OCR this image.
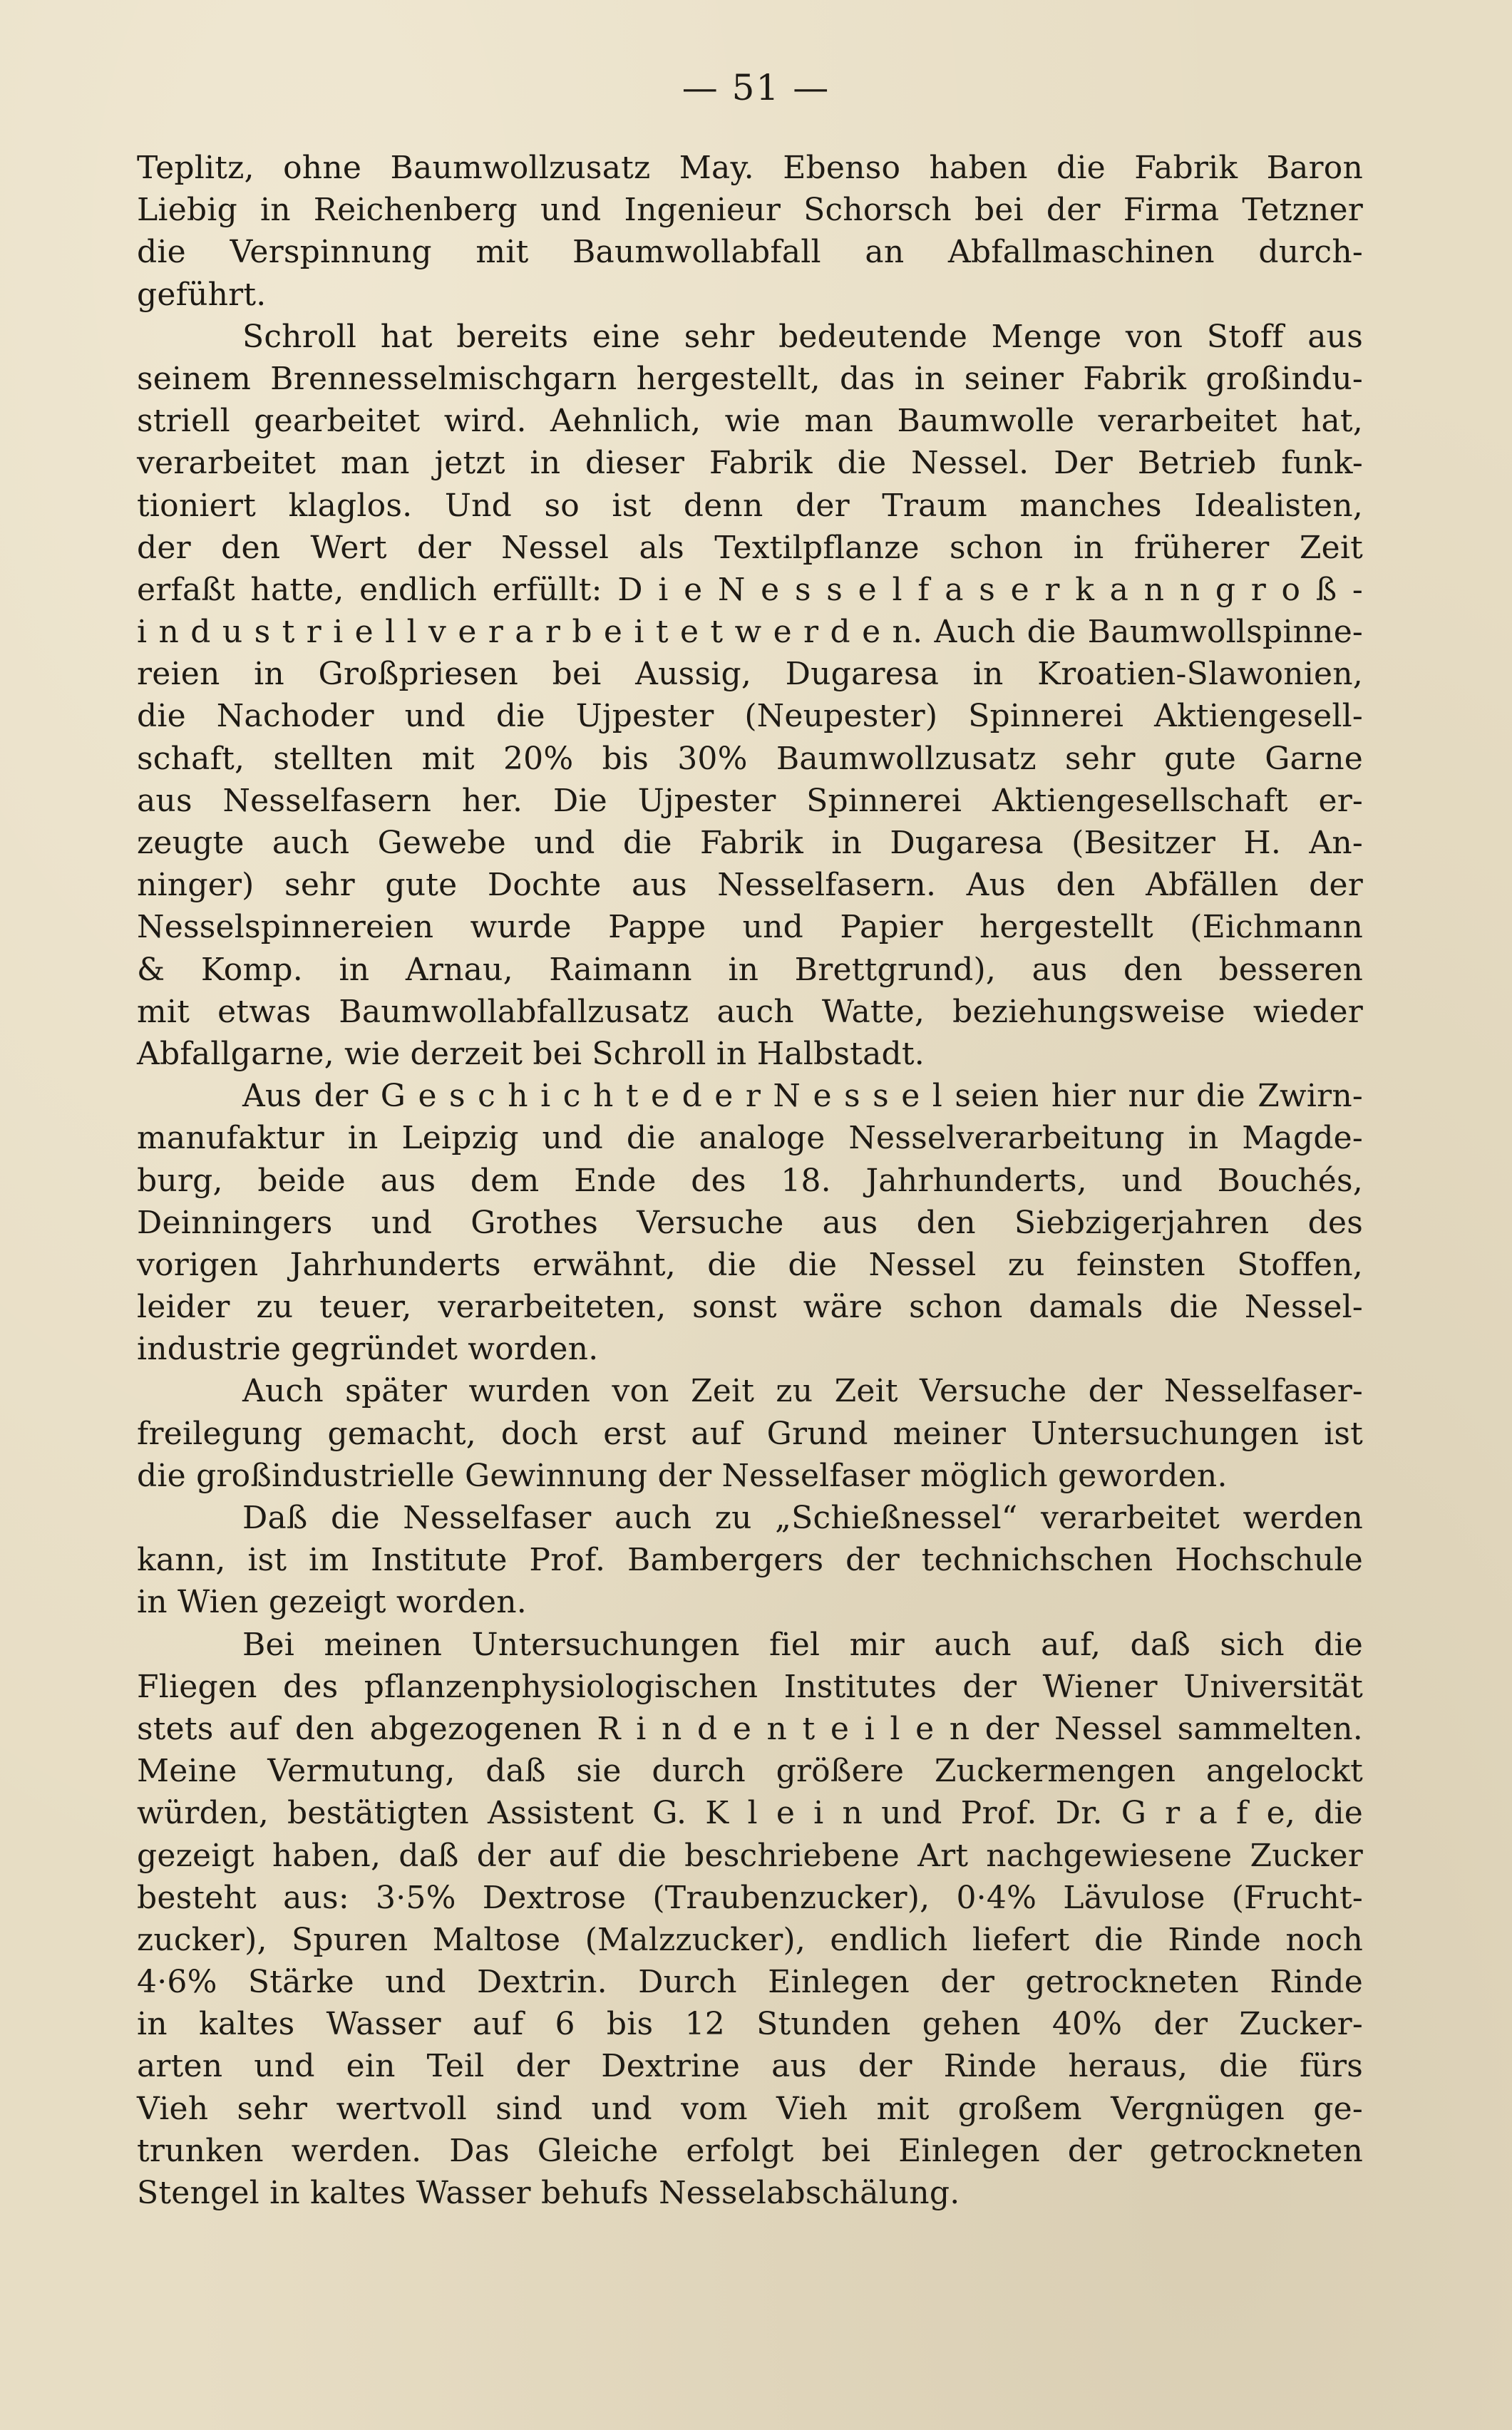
— 51 —
Teplitz, ohne Baumwollzusatz May. Ebenso haben die Fabrik Baron
Liebig in Reichenberg und Ingenieur Schorsch bei der Firma Tetzner
die Verspinnung mit Baumwollabfall an Abfallmaschinen durch-
geführt.
Schroll hat bereits eine sehr bedeutende Menge von Stoff aus
seinem Brennesselmischgarn hergestellt, das in seiner Fabrik großindu-
striell gearbeitet wird. Aehnlich, wie man Baumwolle verarbeitet hat,
verarbeitet man jetzt in dieser Fabrik die Nessel. Der Betrieb funk-
tioniert klaglos. Und so ist denn der Traum manches Idealisten,
der den Wert der Nessel als Textilpflanze schon in früherer Zeit
erfaßt hatte, endlich erfüllt: D i e N e s s e l f a s e r k a n n g r o ß -
i n d u s t r i e l l v e r a r b e i t e t w e r d e n. Auch die Baumwollspinne-
reien in Großpriesen bei Aussig, Dugaresa in Kroatien-Slawonien,
die Nachoder und die Ujpester (Neupester) Spinnerei Aktiengesell-
schaft, stellten mit 20% bis 30% Baumwollzusatz sehr gute Garne
aus Nesselfasern her. Die Ujpester Spinnerei Aktiengesellschaft er-
zeugte auch Gewebe und die Fabrik in Dugaresa (Besitzer H. An-
ninger) sehr gute Dochte aus Nesselfasern. Aus den Abfällen der
Nesselspinnereien wurde Pappe und Papier hergestellt (Eichmann
& Komp. in Arnau, Raimann in Brettgrund), aus den besseren
mit etwas Baumwollabfallzusatz auch Watte, beziehungsweise wieder
Abfallgarne, wie derzeit bei Schroll in Halbstadt.
Aus der G e s c h i c h t e d e r N e s s e l seien hier nur die Zwirn-
manufaktur in Leipzig und die analoge Nesselverarbeitung in Magde-
burg, beide aus dem Ende des 18. Jahrhunderts, und Bouchés,
Deinningers und Grothes Versuche aus den Siebzigerjahren des
vorigen Jahrhunderts erwähnt, die die Nessel zu feinsten Stoffen,
leider zu teuer, verarbeiteten, sonst wäre schon damals die Nessel-
industrie gegründet worden.
Auch später wurden von Zeit zu Zeit Versuche der Nesselfaser-
freilegung gemacht, doch erst auf Grund meiner Untersuchungen ist
die großindustrielle Gewinnung der Nesselfaser möglich geworden.
Daß die Nesselfaser auch zu „Schießnessel“ verarbeitet werden
kann, ist im Institute Prof. Bambergers der technichschen Hochschule
in Wien gezeigt worden.
Bei meinen Untersuchungen fiel mir auch auf, daß sich die
Fliegen des pflanzenphysiologischen Institutes der Wiener Universität
stets auf den abgezogenen R i n d e n t e i l e n der Nessel sammelten.
Meine Vermutung, daß sie durch größere Zuckermengen angelockt
würden, bestätigten Assistent G. K l e i n und Prof. Dr. G r a f e, die
gezeigt haben, daß der auf die beschriebene Art nachgewiesene Zucker
besteht aus: 3·5% Dextrose (Traubenzucker), 0·4% Lävulose (Frucht-
zucker), Spuren Maltose (Malzzucker), endlich liefert die Rinde noch
4·6% Stärke und Dextrin. Durch Einlegen der getrockneten Rinde
in kaltes Wasser auf 6 bis 12 Stunden gehen 40% der Zucker-
arten und ein Teil der Dextrine aus der Rinde heraus, die fürs
Vieh sehr wertvoll sind und vom Vieh mit großem Vergnügen ge-
trunken werden. Das Gleiche erfolgt bei Einlegen der getrockneten
Stengel in kaltes Wasser behufs Nesselabschälung.
